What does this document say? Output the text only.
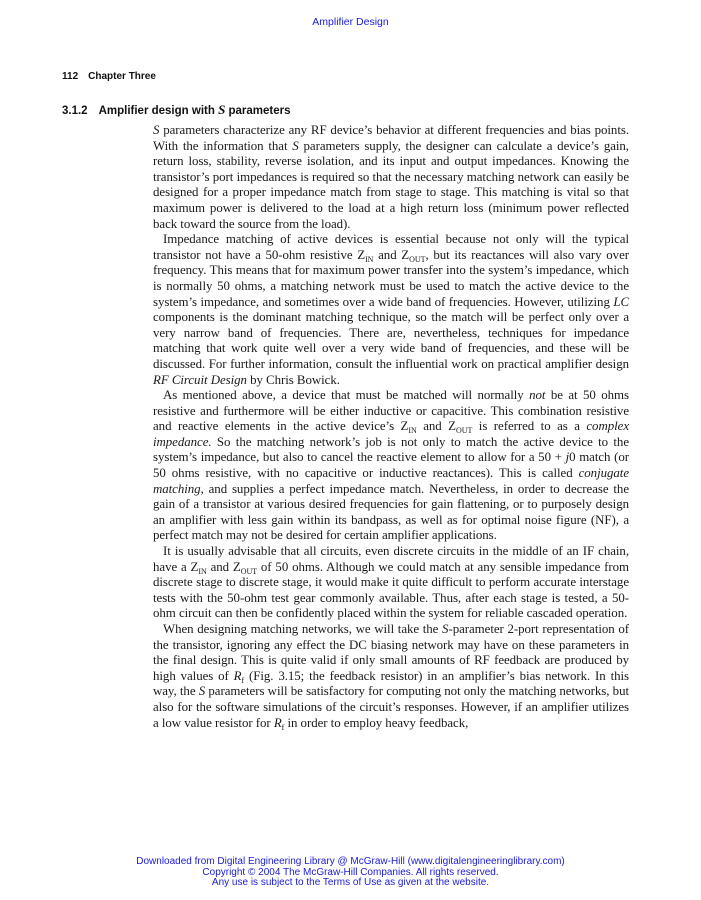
Amplifier Design
112 Chapter Three
3.1.2 Amplifier design with S parameters

S parameters characterize any RF device’s behavior at different frequencies and bias points. With the information that S parameters supply, the designer can calculate a device’s gain, return loss, stability, reverse isolation, and its input and output impedances. Knowing the transistor’s port impedances is required so that the necessary matching network can easily be designed for a proper impedance match from stage to stage. This matching is vital so that maximum power is delivered to the load at a high return loss (minimum power reflected back toward the source from the load).

Impedance matching of active devices is essential because not only will the typical transistor not have a 50-ohm resistive $Z_{IN}$ and $Z_{OUT}$, but its reactances will also vary over frequency. This means that for maximum power transfer into the system’s impedance, which is normally 50 ohms, a matching network must be used to match the active device to the system’s impedance, and sometimes over a wide band of frequencies. However, utilizing LC components is the dominant matching technique, so the match will be perfect only over a very narrow band of frequencies. There are, nevertheless, techniques for impedance matching that work quite well over a very wide band of frequencies, and these will be discussed. For further information, consult the influential work on practical amplifier design RF Circuit Design by Chris Bowick.

As mentioned above, a device that must be matched will normally not be at 50 ohms resistive and furthermore will be either inductive or capacitive. This combination resistive and reactive elements in the active device’s $Z_{IN}$ and $Z_{OUT}$ is referred to as a complex impedance. So the matching network’s job is not only to match the active device to the system’s impedance, but also to cancel the reactive element to allow for a 50 + j0 match (or 50 ohms resistive, with no capacitive or inductive reactances). This is called conjugate matching, and supplies a perfect impedance match. Nevertheless, in order to decrease the gain of a transistor at various desired frequencies for gain flattening, or to purposely design an amplifier with less gain within its bandpass, as well as for optimal noise figure (NF), a perfect match may not be desired for certain amplifier applications.

It is usually advisable that all circuits, even discrete circuits in the middle of an IF chain, have a $Z_{IN}$ and $Z_{OUT}$ of 50 ohms. Although we could match at any sensible impedance from discrete stage to discrete stage, it would make it quite difficult to perform accurate interstage tests with the 50-ohm test gear commonly available. Thus, after each stage is tested, a 50-ohm circuit can then be confidently placed within the system for reliable cascaded operation.

When designing matching networks, we will take the S-parameter 2-port representation of the transistor, ignoring any effect the DC biasing network may have on these parameters in the final design. This is quite valid if only small amounts of RF feedback are produced by high values of $R_f$ (Fig. 3.15; the feedback resistor) in an amplifier’s bias network. In this way, the S parameters will be satisfactory for computing not only the matching networks, but also for the software simulations of the circuit’s responses. However, if an amplifier utilizes a low value resistor for $R_f$ in order to employ heavy feedback,

Downloaded from Digital Engineering Library @ McGraw-Hill (www.digitalengineeringlibrary.com)
Copyright © 2004 The McGraw-Hill Companies. All rights reserved.
Any use is subject to the Terms of Use as given at the website.
